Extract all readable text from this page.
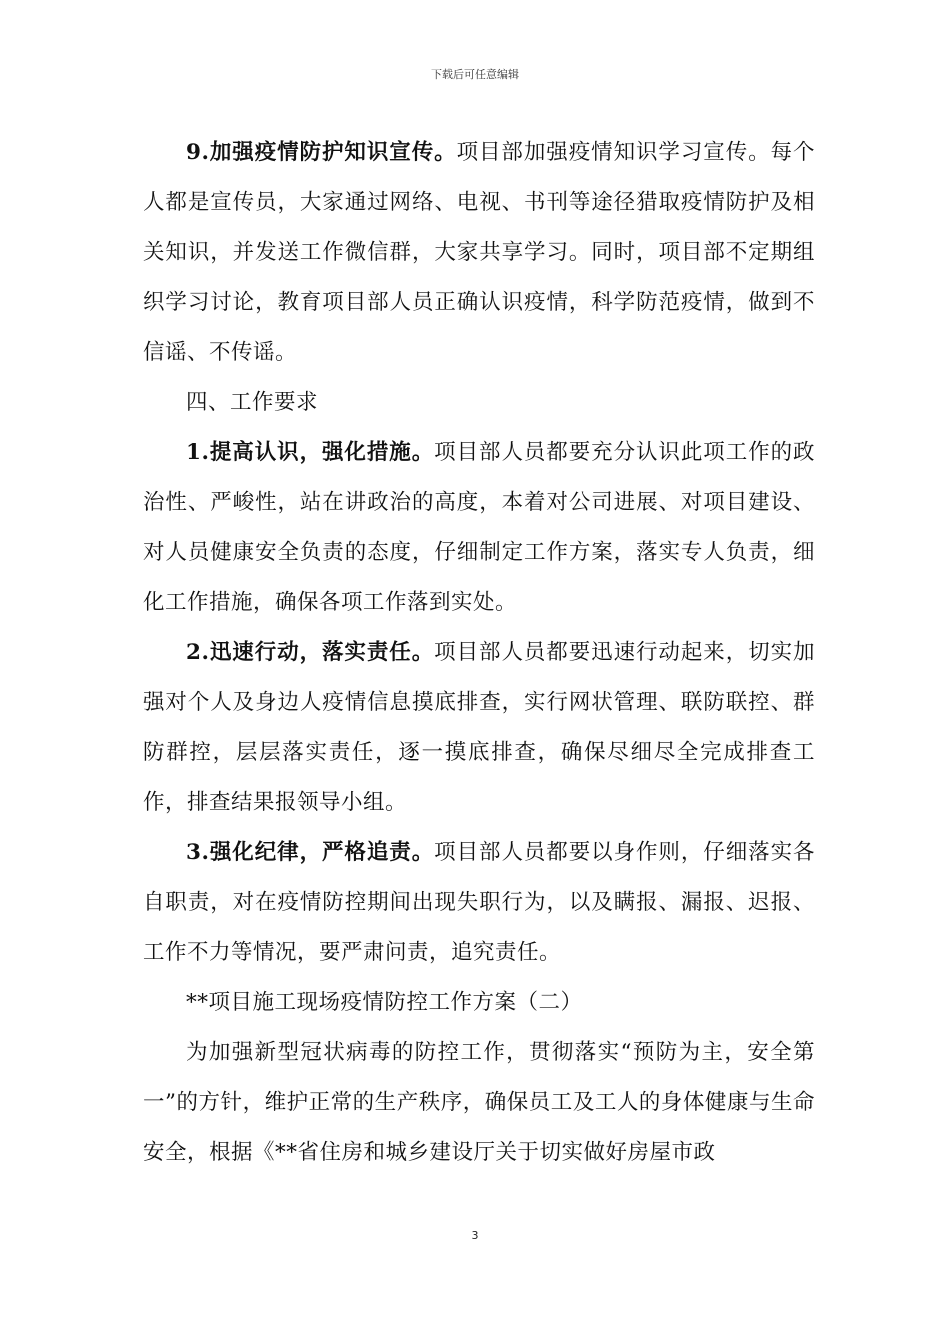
下载后可任意编辑

9.加强疫情防护知识宣传。项目部加强疫情知识学习宣传。每个人都是宣传员，大家通过网络、电视、书刊等途径猎取疫情防护及相关知识，并发送工作微信群，大家共享学习。同时，项目部不定期组织学习讨论，教育项目部人员正确认识疫情，科学防范疫情，做到不信谣、不传谣。

四、工作要求

1.提高认识，强化措施。项目部人员都要充分认识此项工作的政治性、严峻性，站在讲政治的高度，本着对公司进展、对项目建设、对人员健康安全负责的态度，仔细制定工作方案，落实专人负责，细化工作措施，确保各项工作落到实处。

2.迅速行动，落实责任。项目部人员都要迅速行动起来，切实加强对个人及身边人疫情信息摸底排查，实行网状管理、联防联控、群防群控，层层落实责任，逐一摸底排查，确保尽细尽全完成排查工作，排查结果报领导小组。

3.强化纪律，严格追责。项目部人员都要以身作则，仔细落实各自职责，对在疫情防控期间出现失职行为，以及瞒报、漏报、迟报、工作不力等情况，要严肃问责，追究责任。

**项目施工现场疫情防控工作方案（二）

为加强新型冠状病毒的防控工作，贯彻落实“预防为主，安全第一”的方针，维护正常的生产秩序，确保员工及工人的身体健康与生命安全，根据《**省住房和城乡建设厅关于切实做好房屋市政

3
